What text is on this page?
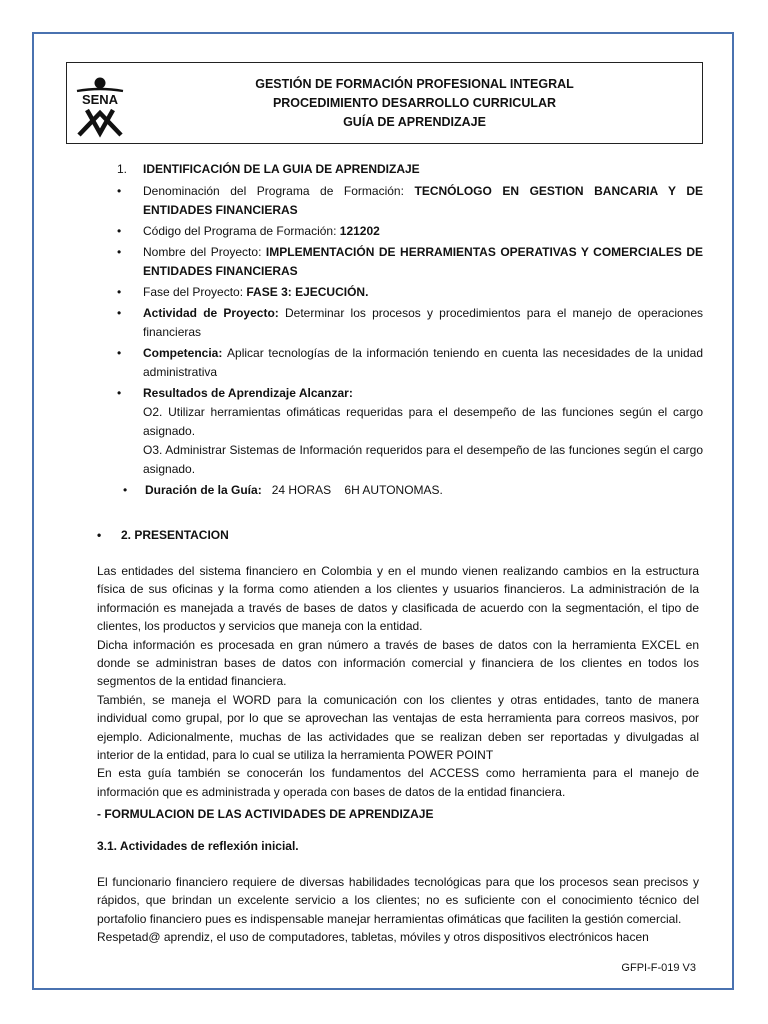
SENA
GESTIÓN DE FORMACIÓN PROFESIONAL INTEGRAL
PROCEDIMIENTO DESARROLLO CURRICULAR
GUÍA DE APRENDIZAJE
1. IDENTIFICACIÓN DE LA GUIA DE APRENDIZAJE
• Denominación del Programa de Formación: TECNÓLOGO EN GESTION BANCARIA Y DE ENTIDADES FINANCIERAS
• Código del Programa de Formación: 121202
• Nombre del Proyecto: IMPLEMENTACIÓN DE HERRAMIENTAS OPERATIVAS Y COMERCIALES DE ENTIDADES FINANCIERAS
• Fase del Proyecto: FASE 3: EJECUCIÓN.
• Actividad de Proyecto: Determinar los procesos y procedimientos para el manejo de operaciones financieras
• Competencia: Aplicar tecnologías de la información teniendo en cuenta las necesidades de la unidad administrativa
• Resultados de Aprendizaje Alcanzar:
O2. Utilizar herramientas ofimáticas requeridas para el desempeño de las funciones según el cargo asignado.
O3. Administrar Sistemas de Información requeridos para el desempeño de las funciones según el cargo asignado.
• Duración de la Guía: 24 HORAS    6H AUTONOMAS.
• 2. PRESENTACION

Las entidades del sistema financiero en Colombia y en el mundo vienen realizando cambios en la estructura física de sus oficinas y la forma como atienden a los clientes y usuarios financieros. La administración de la información es manejada a través de bases de datos y clasificada de acuerdo con la segmentación, el tipo de clientes, los productos y servicios que maneja con la entidad.

Dicha información es procesada en gran número a través de bases de datos con la herramienta EXCEL en donde se administran bases de datos con información comercial y financiera de los clientes en todos los segmentos de la entidad financiera.

También, se maneja el WORD para la comunicación con los clientes y otras entidades, tanto de manera individual como grupal, por lo que se aprovechan las ventajas de esta herramienta para correos masivos, por ejemplo. Adicionalmente, muchas de las actividades que se realizan deben ser reportadas y divulgadas al interior de la entidad, para lo cual se utiliza la herramienta POWER POINT

En esta guía también se conocerán los fundamentos del ACCESS como herramienta para el manejo de información que es administrada y operada con bases de datos de la entidad financiera.

- FORMULACION DE LAS ACTIVIDADES DE APRENDIZAJE
3.1. Actividades de reflexión inicial.

El funcionario financiero requiere de diversas habilidades tecnológicas para que los procesos sean precisos y rápidos, que brindan un excelente servicio a los clientes; no es suficiente con el conocimiento técnico del portafolio financiero pues es indispensable manejar herramientas ofimáticas que faciliten la gestión comercial.

Respetad@ aprendiz, el uso de computadores, tabletas, móviles y otros dispositivos electrónicos hacen

GFPI-F-019 V3
